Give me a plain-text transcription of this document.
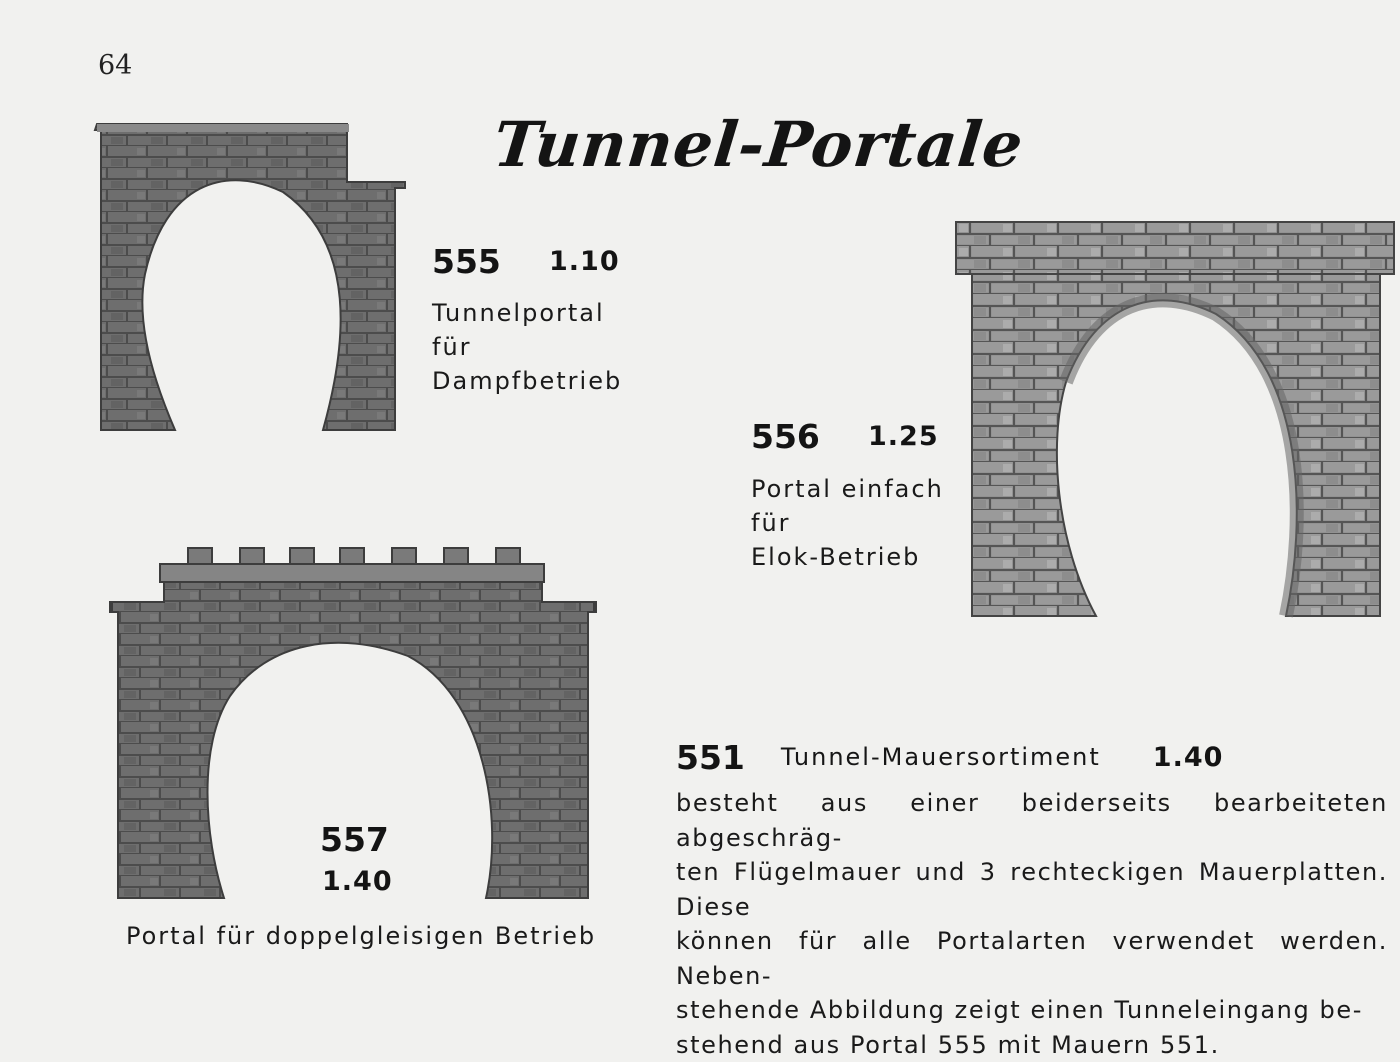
64
Tunnel-Portale
555 1.10
Tunnelportal
für
Dampfbetrieb
556 1.25
Portal einfach
für
Elok-Betrieb
557
1.40
Portal für doppelgleisigen Betrieb
551 Tunnel-Mauersortiment 1.40
besteht aus einer beiderseits bearbeiteten abgeschräg-
ten Flügelmauer und 3 rechteckigen Mauerplatten. Diese
können für alle Portalarten verwendet werden. Neben-
stehende Abbildung zeigt einen Tunneleingang be-
stehend aus Portal 555 mit Mauern 551.
